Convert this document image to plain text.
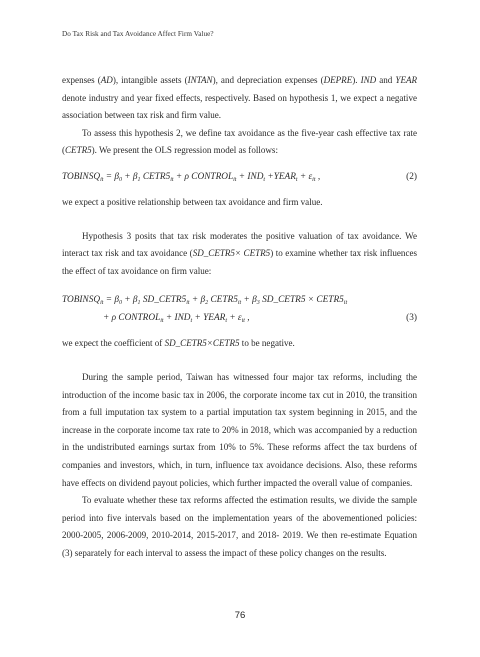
Do Tax Risk and Tax Avoidance Affect Firm Value?

expenses (AD), intangible assets (INTAN), and depreciation expenses (DEPRE). IND and YEAR denote industry and year fixed effects, respectively. Based on hypothesis 1, we expect a negative association between tax risk and firm value.

To assess this hypothesis 2, we define tax avoidance as the five-year cash effective tax rate (CETR5). We present the OLS regression model as follows:

$TOBINSQ_{it} = \beta_0 + \beta_1$ $CETR5_{it} + \rho$ $CONTROL_{it} + IND_t$ $+YEAR_t + \varepsilon_{it}$ ,	(2)

we expect a positive relationship between tax avoidance and firm value.

Hypothesis 3 posits that tax risk moderates the positive valuation of tax avoidance. We interact tax risk and tax avoidance (SD_CETR5× CETR5) to examine whether tax risk influences the effect of tax avoidance on firm value:

$TOBINSQ_{it} = \beta_0 + \beta_1$ $SD\_CETR5_{it} + \beta_2$ $CETR5_{it} + \beta_3$ SD_CETR5 × $CETR5_{it}$
+ ρ $CONTROL_{it} + IND_t$ + $YEAR_t + \varepsilon_{it}$ ,	(3)

we expect the coefficient of SD_CETR5×CETR5 to be negative.

During the sample period, Taiwan has witnessed four major tax reforms, including the introduction of the income basic tax in 2006, the corporate income tax cut in 2010, the transition from a full imputation tax system to a partial imputation tax system beginning in 2015, and the increase in the corporate income tax rate to 20% in 2018, which was accompanied by a reduction in the undistributed earnings surtax from 10% to 5%. These reforms affect the tax burdens of companies and investors, which, in turn, influence tax avoidance decisions. Also, these reforms have effects on dividend payout policies, which further impacted the overall value of companies.

To evaluate whether these tax reforms affected the estimation results, we divide the sample period into five intervals based on the implementation years of the abovementioned policies: 2000-2005, 2006-2009, 2010-2014, 2015-2017, and 2018- 2019. We then re-estimate Equation (3) separately for each interval to assess the impact of these policy changes on the results.

76
